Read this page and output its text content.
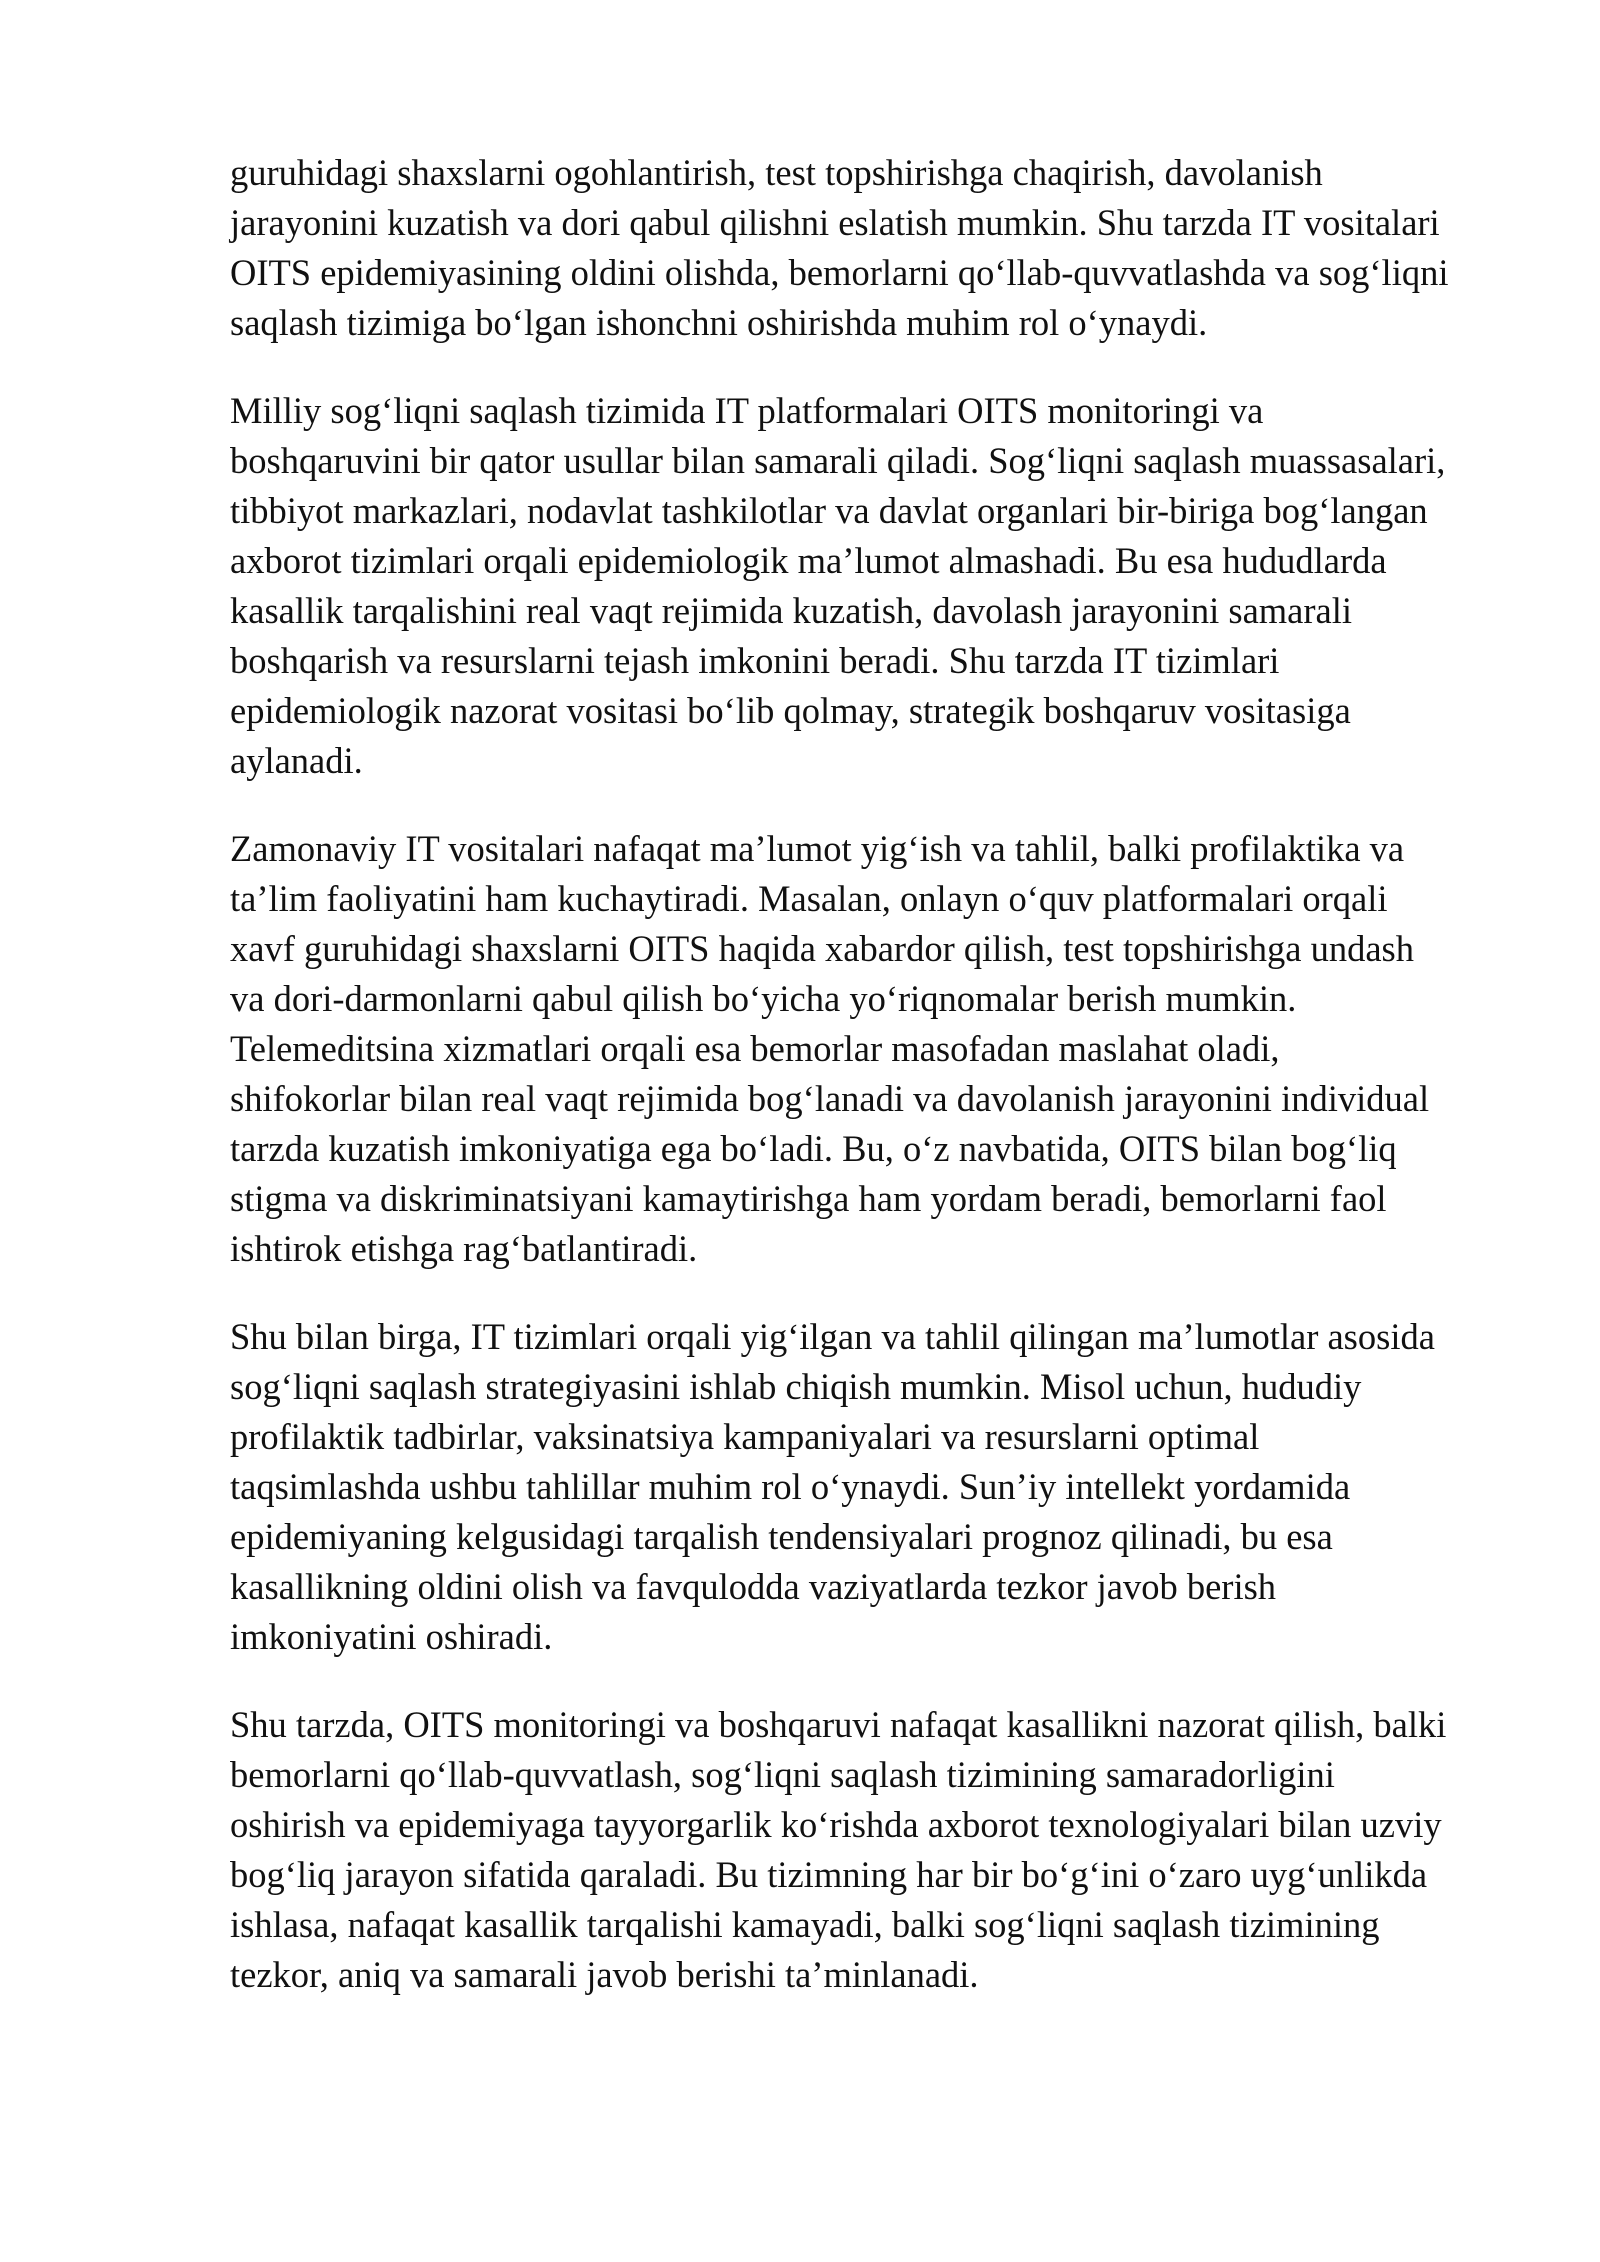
guruhidagi shaxslarni ogohlantirish, test topshirishga chaqirish, davolanish
jarayonini kuzatish va dori qabul qilishni eslatish mumkin. Shu tarzda IT vositalari
OITS epidemiyasining oldini olishda, bemorlarni qo‘llab-quvvatlashda va sog‘liqni
saqlash tizimiga bo‘lgan ishonchni oshirishda muhim rol o‘ynaydi.

Milliy sog‘liqni saqlash tizimida IT platformalari OITS monitoringi va
boshqaruvini bir qator usullar bilan samarali qiladi. Sog‘liqni saqlash muassasalari,
tibbiyot markazlari, nodavlat tashkilotlar va davlat organlari bir-biriga bog‘langan
axborot tizimlari orqali epidemiologik ma’lumot almashadi. Bu esa hududlarda
kasallik tarqalishini real vaqt rejimida kuzatish, davolash jarayonini samarali
boshqarish va resurslarni tejash imkonini beradi. Shu tarzda IT tizimlari
epidemiologik nazorat vositasi bo‘lib qolmay, strategik boshqaruv vositasiga
aylanadi.

Zamonaviy IT vositalari nafaqat ma’lumot yig‘ish va tahlil, balki profilaktika va
ta’lim faoliyatini ham kuchaytiradi. Masalan, onlayn o‘quv platformalari orqali
xavf guruhidagi shaxslarni OITS haqida xabardor qilish, test topshirishga undash
va dori-darmonlarni qabul qilish bo‘yicha yo‘riqnomalar berish mumkin.
Telemeditsina xizmatlari orqali esa bemorlar masofadan maslahat oladi,
shifokorlar bilan real vaqt rejimida bog‘lanadi va davolanish jarayonini individual
tarzda kuzatish imkoniyatiga ega bo‘ladi. Bu, o‘z navbatida, OITS bilan bog‘liq
stigma va diskriminatsiyani kamaytirishga ham yordam beradi, bemorlarni faol
ishtirok etishga rag‘batlantiradi.

Shu bilan birga, IT tizimlari orqali yig‘ilgan va tahlil qilingan ma’lumotlar asosida
sog‘liqni saqlash strategiyasini ishlab chiqish mumkin. Misol uchun, hududiy
profilaktik tadbirlar, vaksinatsiya kampaniyalari va resurslarni optimal
taqsimlashda ushbu tahlillar muhim rol o‘ynaydi. Sun’iy intellekt yordamida
epidemiyaning kelgusidagi tarqalish tendensiyalari prognoz qilinadi, bu esa
kasallikning oldini olish va favqulodda vaziyatlarda tezkor javob berish
imkoniyatini oshiradi.

Shu tarzda, OITS monitoringi va boshqaruvi nafaqat kasallikni nazorat qilish, balki
bemorlarni qo‘llab-quvvatlash, sog‘liqni saqlash tizimining samaradorligini
oshirish va epidemiyaga tayyorgarlik ko‘rishda axborot texnologiyalari bilan uzviy
bog‘liq jarayon sifatida qaraladi. Bu tizimning har bir bo‘g‘ini o‘zaro uyg‘unlikda
ishlasa, nafaqat kasallik tarqalishi kamayadi, balki sog‘liqni saqlash tizimining
tezkor, aniq va samarali javob berishi ta’minlanadi.
